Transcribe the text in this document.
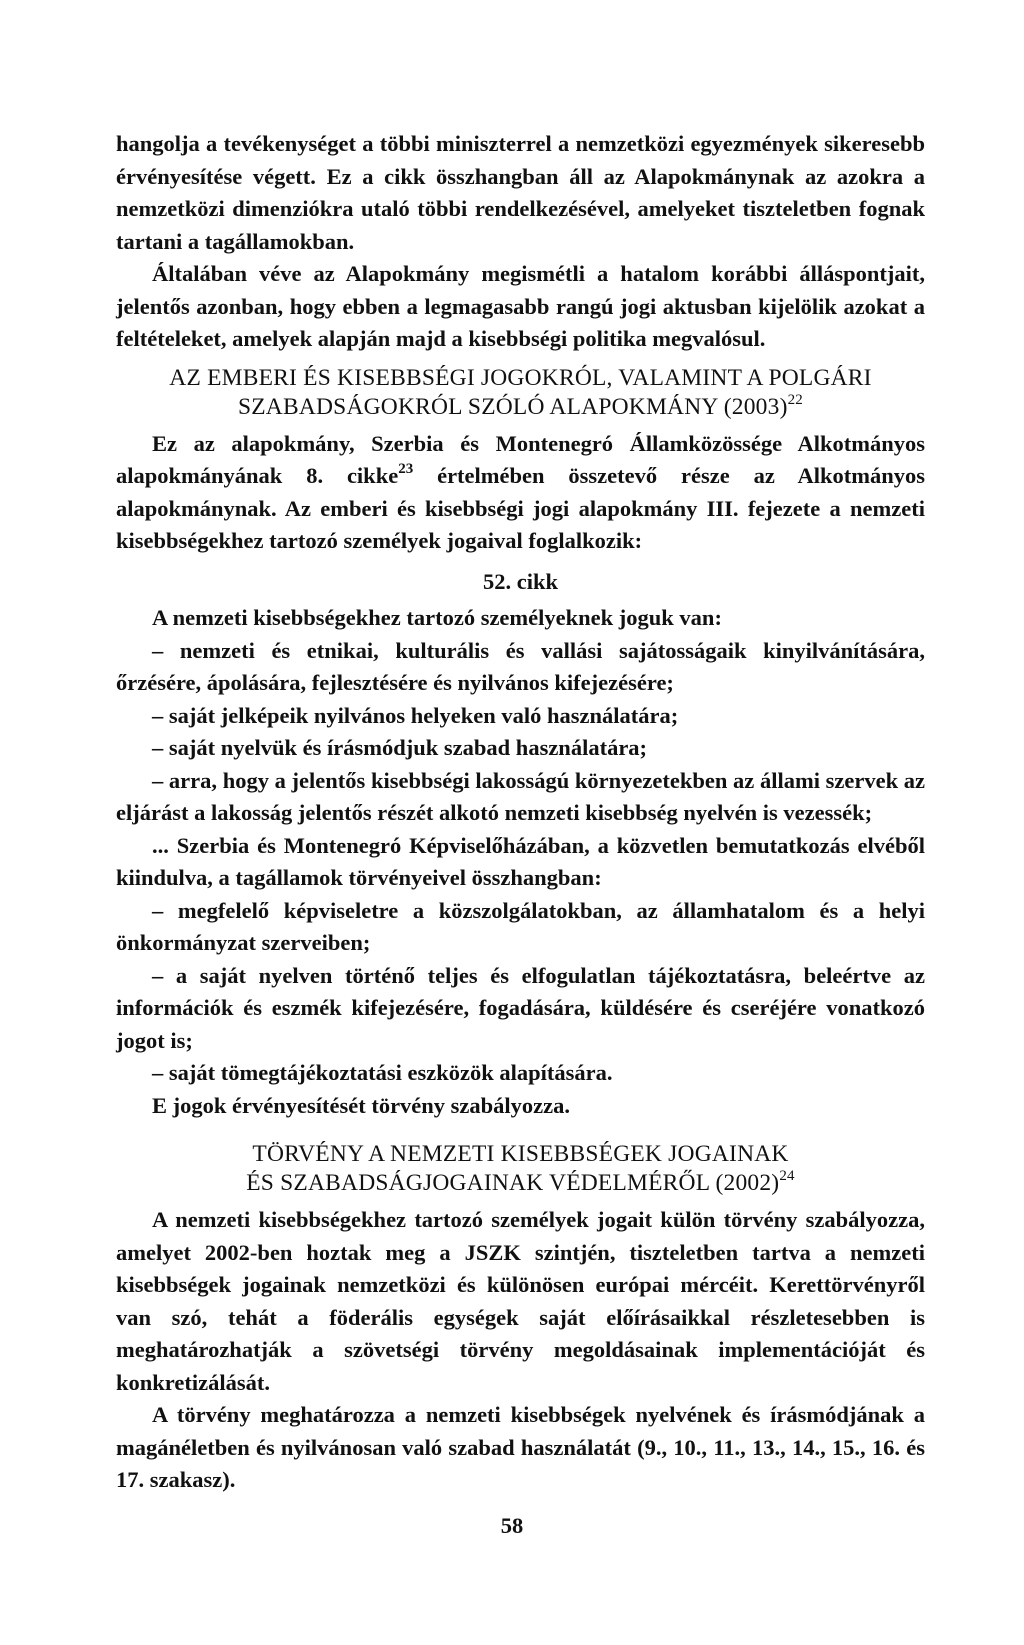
hangolja a tevékenységet a többi miniszterrel a nemzetközi egyezmények sikeresebb érvényesítése végett. Ez a cikk összhangban áll az Alapokmánynak az azokra a nemzetközi dimenziókra utaló többi rendelkezésével, amelyeket tiszteletben fognak tartani a tagállamokban.

Általában véve az Alapokmány megismétli a hatalom korábbi álláspontjait, jelentős azonban, hogy ebben a legmagasabb rangú jogi aktusban kijelölik azokat a feltételeket, amelyek alapján majd a kisebbségi politika megvalósul.

AZ EMBERI ÉS KISEBBSÉGI JOGOKRÓL, VALAMINT A POLGÁRI
SZABADSÁGOKRÓL SZÓLÓ ALAPOKMÁNY $(2003)^{22}$

Ez az alapokmány, Szerbia és Montenegró Államközössége Alkotmányos alapokmányának 8. cikke$^{23}$ értelmében összetevő része az Alkotmányos alapokmánynak. Az emberi és kisebbségi jogi alapokmány III. fejezete a nemzeti kisebbségekhez tartozó személyek jogaival foglalkozik:

52. cikk

A nemzeti kisebbségekhez tartozó személyeknek joguk van:

– nemzeti és etnikai, kulturális és vallási sajátosságaik kinyilvánítására, őrzésére, ápolására, fejlesztésére és nyilvános kifejezésére;

– saját jelképeik nyilvános helyeken való használatára;

– saját nyelvük és írásmódjuk szabad használatára;

– arra, hogy a jelentős kisebbségi lakosságú környezetekben az állami szervek az eljárást a lakosság jelentős részét alkotó nemzeti kisebbség nyelvén is vezessék;

... Szerbia és Montenegró Képviselőházában, a közvetlen bemutatkozás elvéből kiindulva, a tagállamok törvényeivel összhangban:

– megfelelő képviseletre a közszolgálatokban, az államhatalom és a helyi önkormányzat szerveiben;

– a saját nyelven történő teljes és elfogulatlan tájékoztatásra, beleértve az információk és eszmék kifejezésére, fogadására, küldésére és cseréjére vonatkozó jogot is;

– saját tömegtájékoztatási eszközök alapítására.

E jogok érvényesítését törvény szabályozza.

TÖRVÉNY A NEMZETI KISEBBSÉGEK JOGAINAK
ÉS SZABADSÁGJOGAINAK VÉDELMÉRŐL $(2002)^{24}$

A nemzeti kisebbségekhez tartozó személyek jogait külön törvény szabályozza, amelyet 2002-ben hoztak meg a JSZK szintjén, tiszteletben tartva a nemzeti kisebbségek jogainak nemzetközi és különösen európai mércéit. Kerettörvényről van szó, tehát a föderális egységek saját előírásaikkal részletesebben is meghatározhatják a szövetségi törvény megoldásainak implementációját és konkretizálását.

A törvény meghatározza a nemzeti kisebbségek nyelvének és írásmódjának a magánéletben és nyilvánosan való szabad használatát (9., 10., 11., 13., 14., 15., 16. és 17. szakasz).

58
